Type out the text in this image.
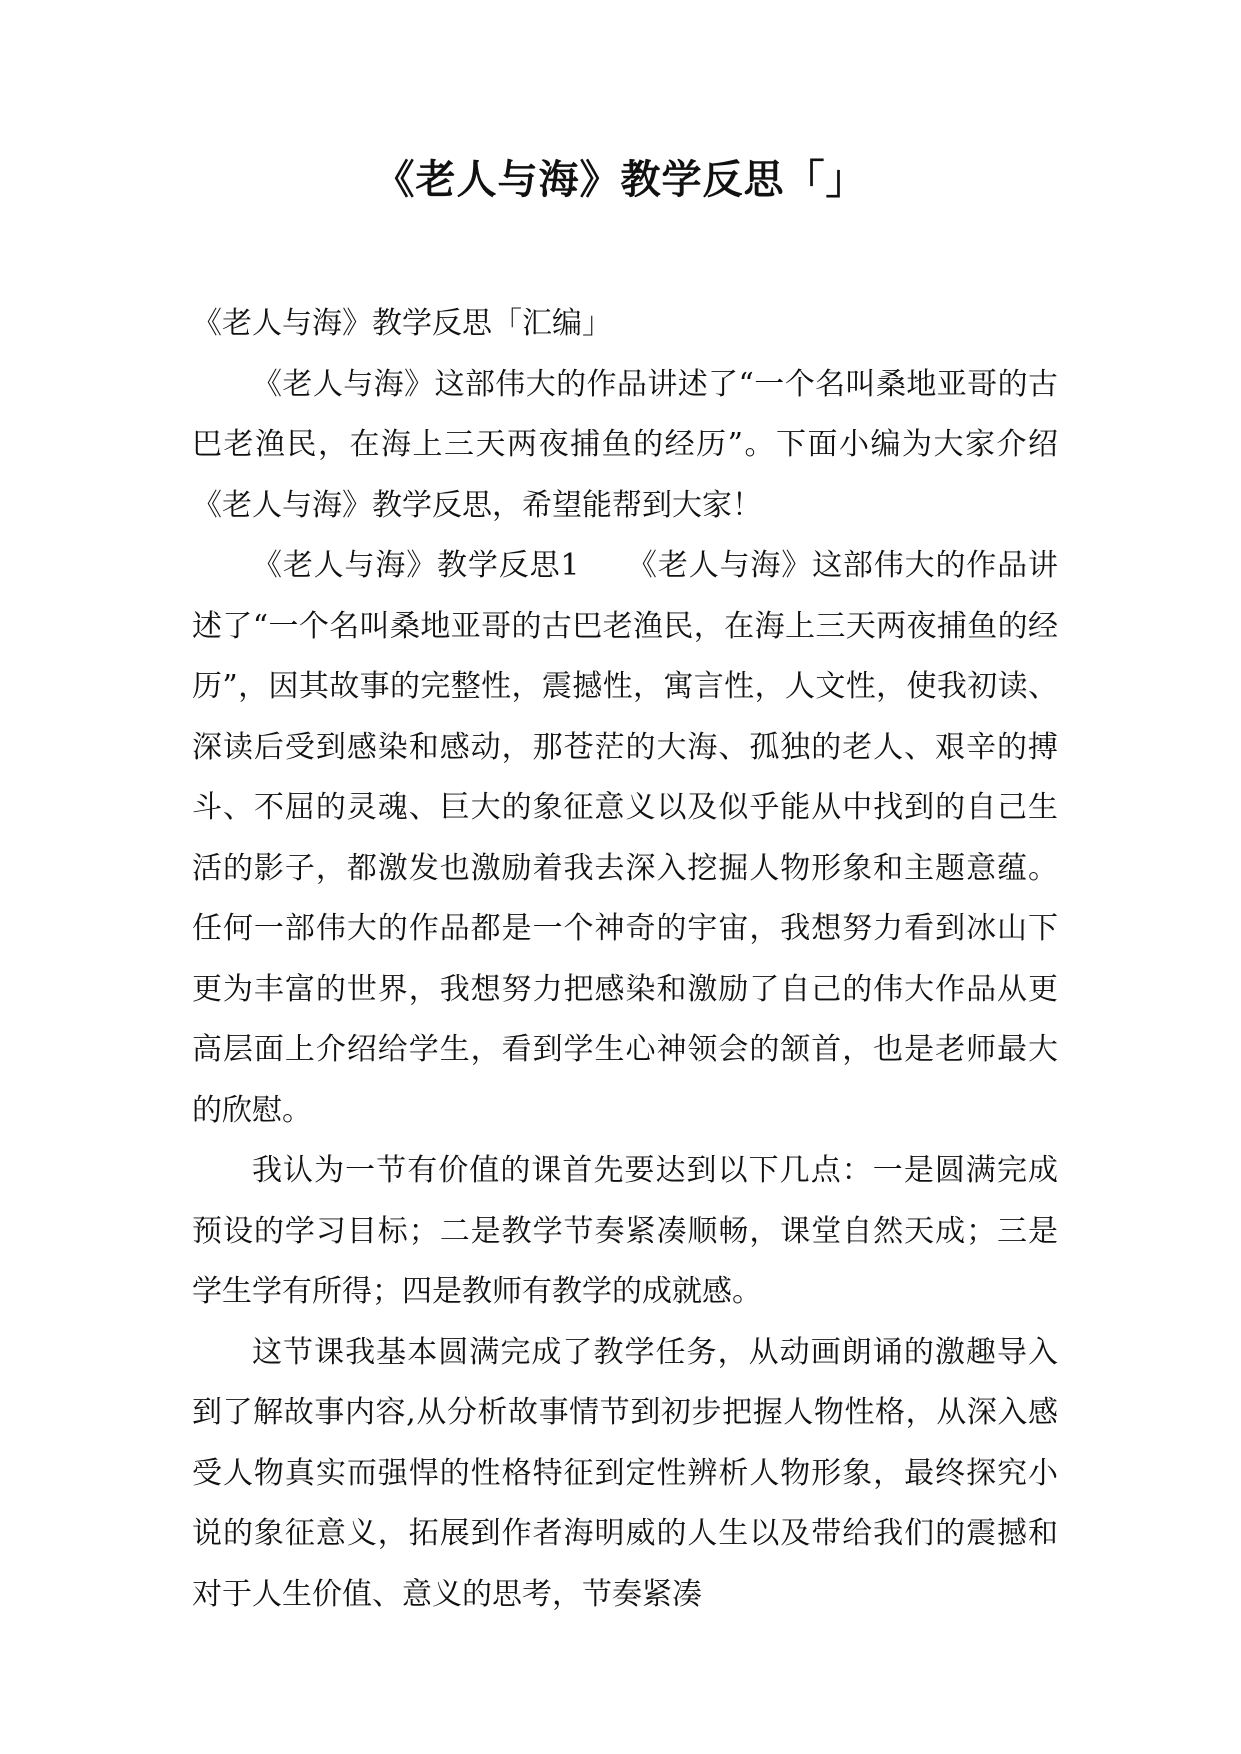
《老人与海》教学反思「」

《老人与海》教学反思「汇编」

《老人与海》这部伟大的作品讲述了“一个名叫桑地亚哥的古巴老渔民，在海上三天两夜捕鱼的经历”。下面小编为大家介绍《老人与海》教学反思，希望能帮到大家！

《老人与海》教学反思1　　《老人与海》这部伟大的作品讲述了“一个名叫桑地亚哥的古巴老渔民，在海上三天两夜捕鱼的经历”，因其故事的完整性，震撼性，寓言性，人文性，使我初读、深读后受到感染和感动，那苍茫的大海、孤独的老人、艰辛的搏斗、不屈的灵魂、巨大的象征意义以及似乎能从中找到的自己生活的影子，都激发也激励着我去深入挖掘人物形象和主题意蕴。任何一部伟大的作品都是一个神奇的宇宙，我想努力看到冰山下更为丰富的世界，我想努力把感染和激励了自己的伟大作品从更高层面上介绍给学生，看到学生心神领会的颔首，也是老师最大的欣慰。

我认为一节有价值的课首先要达到以下几点：一是圆满完成预设的学习目标；二是教学节奏紧凑顺畅，课堂自然天成；三是学生学有所得；四是教师有教学的成就感。

这节课我基本圆满完成了教学任务，从动画朗诵的激趣导入到了解故事内容,从分析故事情节到初步把握人物性格，从深入感受人物真实而强悍的性格特征到定性辨析人物形象，最终探究小说的象征意义，拓展到作者海明威的人生以及带给我们的震撼和对于人生价值、意义的思考，节奏紧凑
